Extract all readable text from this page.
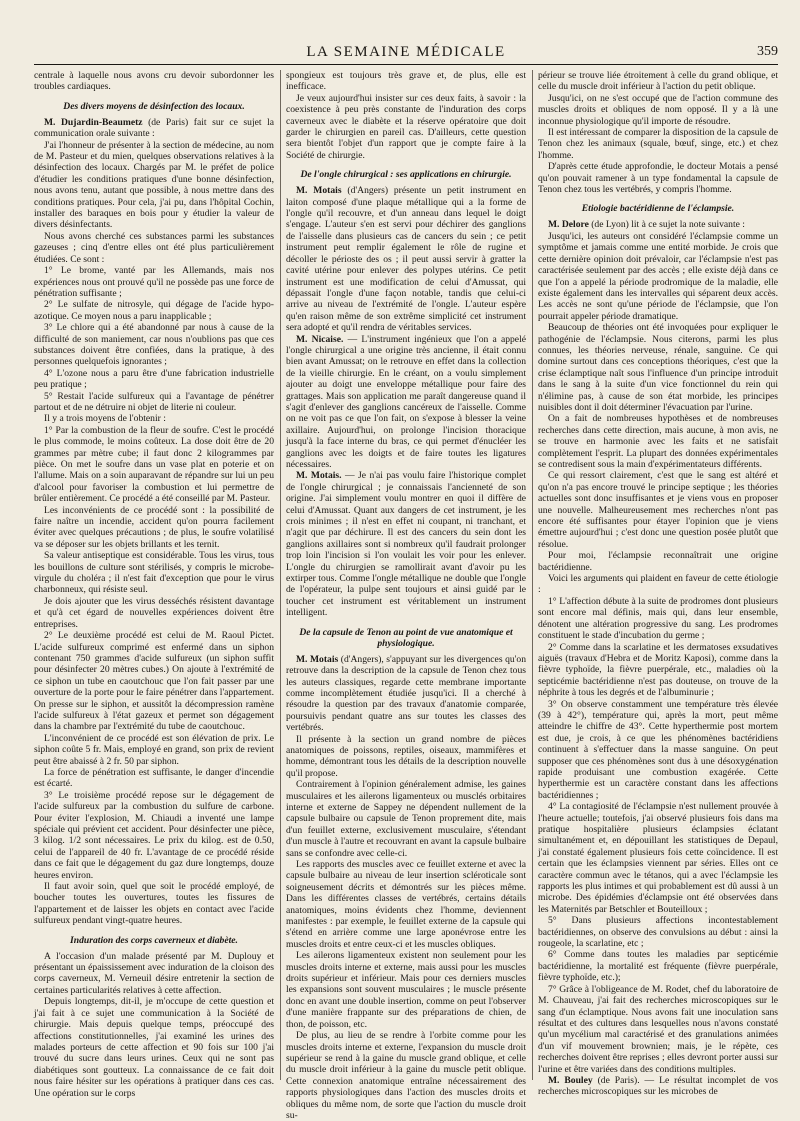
LA SEMAINE MÉDICALE	359

centrale à laquelle nous avons cru devoir subordonner les troubles cardiaques.

Des divers moyens de désinfection des locaux.

M. Dujardin-Beaumetz (de Paris) fait sur ce sujet la communication orale suivante :

J'ai l'honneur de présenter à la section de médecine, au nom de M. Pasteur et du mien, quelques observations relatives à la désinfection des locaux. Chargés par M. le préfet de police d'étudier les conditions pratiques d'une bonne désinfection, nous avons tenu, autant que possible, à nous mettre dans des conditions pratiques. Pour cela, j'ai pu, dans l'hôpital Cochin, installer des baraques en bois pour y étudier la valeur de divers désinfectants.

Nous avons cherché ces substances parmi les substances gazeuses ; cinq d'entre elles ont été plus particulièrement étudiées. Ce sont :

1° Le brome, vanté par les Allemands, mais nos expériences nous ont prouvé qu'il ne possède pas une force de pénétration suffisante ;

2° Le sulfate de nitrosyle, qui dégage de l'acide hypo-azotique. Ce moyen nous a paru inapplicable ;

3° Le chlore qui a été abandonné par nous à cause de la difficulté de son maniement, car nous n'oublions pas que ces substances doivent être confiées, dans la pratique, à des personnes quelquefois ignorantes ;

4° L'ozone nous a paru être d'une fabrication industrielle peu pratique ;

5° Restait l'acide sulfureux qui a l'avantage de pénétrer partout et de ne détruire ni objet de literie ni couleur.

Il y a trois moyens de l'obtenir :

1° Par la combustion de la fleur de soufre. C'est le procédé le plus commode, le moins coûteux. La dose doit être de 20 grammes par mètre cube; il faut donc 2 kilogrammes par pièce. On met le soufre dans un vase plat en poterie et on l'allume. Mais on a soin auparavant de répandre sur lui un peu d'alcool pour favoriser la combustion et lui permettre de brûler entièrement. Ce procédé a été conseillé par M. Pasteur.

Les inconvénients de ce procédé sont : la possibilité de faire naître un incendie, accident qu'on pourra facilement éviter avec quelques précautions ; de plus, le soufre volatilisé va se déposer sur les objets brillants et les ternit.

Sa valeur antiseptique est considérable. Tous les virus, tous les bouillons de culture sont stérilisés, y compris le microbe-virgule du choléra ; il n'est fait d'exception que pour le virus charbonneux, qui résiste seul.

Je dois ajouter que les virus desséchés résistent davantage et qu'à cet égard de nouvelles expériences doivent être entreprises.

2° Le deuxième procédé est celui de M. Raoul Pictet. L'acide sulfureux comprimé est enfermé dans un siphon contenant 750 grammes d'acide sulfureux (un siphon suffit pour désinfecter 20 mètres cubes.) On ajoute à l'extrémité de ce siphon un tube en caoutchouc que l'on fait passer par une ouverture de la porte pour le faire pénétrer dans l'appartement. On presse sur le siphon, et aussitôt la décompression ramène l'acide sulfureux à l'état gazeux et permet son dégagement dans la chambre par l'extrémité du tube de caoutchouc.

L'inconvénient de ce procédé est son élévation de prix. Le siphon coûte 5 fr. Mais, employé en grand, son prix de revient peut être abaissé à 2 fr. 50 par siphon.

La force de pénétration est suffisante, le danger d'incendie est écarté.

3° Le troisième procédé repose sur le dégagement de l'acide sulfureux par la combustion du sulfure de carbone. Pour éviter l'explosion, M. Chiaudi a inventé une lampe spéciale qui prévient cet accident. Pour désinfecter une pièce, 3 kilog. 1/2 sont nécessaires. Le prix du kilog. est de 0.50, celui de l'appareil de 40 fr. L'avantage de ce procédé réside dans ce fait que le dégagement du gaz dure longtemps, douze heures environ.

Il faut avoir soin, quel que soit le procédé employé, de boucher toutes les ouvertures, toutes les fissures de l'appartement et de laisser les objets en contact avec l'acide sulfureux pendant vingt-quatre heures.

Induration des corps caverneux et diabète.

A l'occasion d'un malade présenté par M. Duplouy et présentant un épaississement avec induration de la cloison des corps caverneux, M. Verneuil désire entretenir la section de certaines particularités relatives à cette affection.

Depuis longtemps, dit-il, je m'occupe de cette question et j'ai fait à ce sujet une communication à la Société de chirurgie. Mais depuis quelque temps, préoccupé des affections constitutionnelles, j'ai examiné les urines des malades porteurs de cette affection et 90 fois sur 100 j'ai trouvé du sucre dans leurs urines. Ceux qui ne sont pas diabétiques sont goutteux. La connaissance de ce fait doit nous faire hésiter sur les opérations à pratiquer dans ces cas. Une opération sur le corps

spongieux est toujours très grave et, de plus, elle est inefficace.

Je veux aujourd'hui insister sur ces deux faits, à savoir : la coexistence à peu près constante de l'induration des corps caverneux avec le diabète et la réserve opératoire que doit garder le chirurgien en pareil cas. D'ailleurs, cette question sera bientôt l'objet d'un rapport que je compte faire à la Société de chirurgie.

De l'ongle chirurgical : ses applications en chirurgie.

M. Motais (d'Angers) présente un petit instrument en laiton composé d'une plaque métallique qui a la forme de l'ongle qu'il recouvre, et d'un anneau dans lequel le doigt s'engage. L'auteur s'en est servi pour déchirer des ganglions de l'aisselle dans plusieurs cas de cancers du sein ; ce petit instrument peut remplir également le rôle de rugine et décoller le périoste des os ; il peut aussi servir à gratter la cavité utérine pour enlever des polypes utérins. Ce petit instrument est une modification de celui d'Amussat, qui dépassait l'ongle d'une façon notable, tandis que celui-ci arrive au niveau de l'extrémité de l'ongle. L'auteur espère qu'en raison même de son extrême simplicité cet instrument sera adopté et qu'il rendra de véritables services.

M. Nicaise. — L'instrument ingénieux que l'on a appelé l'ongle chirurgical a une origine très ancienne, il était connu bien avant Amussat; on le retrouve en effet dans la collection de la vieille chirurgie. En le créant, on a voulu simplement ajouter au doigt une enveloppe métallique pour faire des grattages. Mais son application me paraît dangereuse quand il s'agit d'enlever des ganglions cancéreux de l'aisselle. Comme on ne voit pas ce que l'on fait, on s'expose à blesser la veine axillaire. Aujourd'hui, on prolonge l'incision thoracique jusqu'à la face interne du bras, ce qui permet d'énucléer les ganglions avec les doigts et de faire toutes les ligatures nécessaires.

M. Motais. — Je n'ai pas voulu faire l'historique complet de l'ongle chirurgical ; je connaissais l'ancienneté de son origine. J'ai simplement voulu montrer en quoi il diffère de celui d'Amussat. Quant aux dangers de cet instrument, je les crois minimes ; il n'est en effet ni coupant, ni tranchant, et n'agit que par déchirure. Il est des cancers du sein dont les ganglions axillaires sont si nombreux qu'il faudrait prolonger trop loin l'incision si l'on voulait les voir pour les enlever. L'ongle du chirurgien se ramollirait avant d'avoir pu les extirper tous. Comme l'ongle métallique ne double que l'ongle de l'opérateur, la pulpe sent toujours et ainsi guidé par le toucher cet instrument est véritablement un instrument intelligent.

De la capsule de Tenon au point de vue anatomique et physiologique.

M. Motais (d'Angers), s'appuyant sur les divergences qu'on retrouve dans la description de la capsule de Tenon chez tous les auteurs classiques, regarde cette membrane importante comme incomplètement étudiée jusqu'ici. Il a cherché à résoudre la question par des travaux d'anatomie comparée, poursuivis pendant quatre ans sur toutes les classes des vertébrés.

Il présente à la section un grand nombre de pièces anatomiques de poissons, reptiles, oiseaux, mammifères et homme, démontrant tous les détails de la description nouvelle qu'il propose.

Contrairement à l'opinion généralement admise, les gaines musculaires et les ailerons ligamenteux ou musclés orbitaires interne et externe de Sappey ne dépendent nullement de la capsule bulbaire ou capsule de Tenon proprement dite, mais d'un feuillet externe, exclusivement musculaire, s'étendant d'un muscle à l'autre et recouvrant en avant la capsule bulbaire sans se confondre avec celle-ci.

Les rapports des muscles avec ce feuillet externe et avec la capsule bulbaire au niveau de leur insertion scléroticale sont soigneusement décrits et démontrés sur les pièces même. Dans les différentes classes de vertébrés, certains détails anatomiques, moins évidents chez l'homme, deviennent manifestes : par exemple, le feuillet externe de la capsule qui s'étend en arrière comme une large aponévrose entre les muscles droits et entre ceux-ci et les muscles obliques.

Les ailerons ligamenteux existent non seulement pour les muscles droits interne et externe, mais aussi pour les muscles droits supérieur et inférieur. Mais pour ces derniers muscles les expansions sont souvent musculaires ; le muscle présente donc en avant une double insertion, comme on peut l'observer d'une manière frappante sur des préparations de chien, de thon, de poisson, etc.

De plus, au lieu de se rendre à l'orbite comme pour les muscles droits interne et externe, l'expansion du muscle droit supérieur se rend à la gaine du muscle grand oblique, et celle du muscle droit inférieur à la gaine du muscle petit oblique. Cette connexion anatomique entraîne nécessairement des rapports physiologiques dans l'action des muscles droits et obliques du même nom, de sorte que l'action du muscle droit su-

périeur se trouve liée étroitement à celle du grand oblique, et celle du muscle droit inférieur à l'action du petit oblique.

Jusqu'ici, on ne s'est occupé que de l'action commune des muscles droits et obliques de nom opposé. Il y a là une inconnue physiologique qu'il importe de résoudre.

Il est intéressant de comparer la disposition de la capsule de Tenon chez les animaux (squale, bœuf, singe, etc.) et chez l'homme.

D'après cette étude approfondie, le docteur Motais a pensé qu'on pouvait ramener à un type fondamental la capsule de Tenon chez tous les vertébrés, y compris l'homme.

Etiologie bactéridienne de l'éclampsie.

M. Delore (de Lyon) lit à ce sujet la note suivante :

Jusqu'ici, les auteurs ont considéré l'éclampsie comme un symptôme et jamais comme une entité morbide. Je crois que cette dernière opinion doit prévaloir, car l'éclampsie n'est pas caractérisée seulement par des accès ; elle existe déjà dans ce que l'on a appelé la période prodromique de la maladie, elle existe également dans les intervalles qui séparent deux accès. Les accès ne sont qu'une période de l'éclampsie, que l'on pourrait appeler période dramatique.

Beaucoup de théories ont été invoquées pour expliquer le pathogénie de l'éclampsie. Nous citerons, parmi les plus connues, les théories nerveuse, rénale, sanguine. Ce qui domine surtout dans ces conceptions théoriques, c'est que la crise éclamptique naît sous l'influence d'un principe introduit dans le sang à la suite d'un vice fonctionnel du rein qui n'élimine pas, à cause de son état morbide, les principes nuisibles dont il doit déterminer l'évacuation par l'urine.

On a fait de nombreuses hypothèses et de nombreuses recherches dans cette direction, mais aucune, à mon avis, ne se trouve en harmonie avec les faits et ne satisfait complètement l'esprit. La plupart des données expérimentales se contredisent sous la main d'expérimentateurs différents.

Ce qui ressort clairement, c'est que le sang est altéré et qu'on n'a pas encore trouvé le principe septique ; les théories actuelles sont donc insuffisantes et je viens vous en proposer une nouvelle. Malheureusement mes recherches n'ont pas encore été suffisantes pour étayer l'opinion que je viens émettre aujourd'hui ; c'est donc une question posée plutôt que résolue.

Pour moi, l'éclampsie reconnaîtrait une origine bactéridienne.

Voici les arguments qui plaident en faveur de cette étiologie :

1° L'affection débute à la suite de prodromes dont plusieurs sont encore mal définis, mais qui, dans leur ensemble, dénotent une altération progressive du sang. Les prodromes constituent le stade d'incubation du germe ;

2° Comme dans la scarlatine et les dermatoses exsudatives aiguës (travaux d'Hebra et de Moritz Kaposi), comme dans la fièvre typhoïde, la fièvre puerpérale, etc., maladies où la septicémie bactéridienne n'est pas douteuse, on trouve de la néphrite à tous les degrés et de l'albuminurie ;

3° On observe constamment une température très élevée (39 à 42°), température qui, après la mort, peut même atteindre le chiffre de 43°. Cette hyperthermie post mortem est due, je crois, à ce que les phénomènes bactéridiens continuent à s'effectuer dans la masse sanguine. On peut supposer que ces phénomènes sont dus à une désoxygénation rapide produisant une combustion exagérée. Cette hyperthermie est un caractère constant dans les affections bactéridiennes ;

4° La contagiosité de l'éclampsie n'est nullement prouvée à l'heure actuelle; toutefois, j'ai observé plusieurs fois dans ma pratique hospitalière plusieurs éclampsies éclatant simultanément et, en dépouillant les statistiques de Depaul, j'ai constaté également plusieurs fois cette coïncidence. Il est certain que les éclampsies viennent par séries. Elles ont ce caractère commun avec le tétanos, qui a avec l'éclampsie les rapports les plus intimes et qui probablement est dû aussi à un microbe. Des épidémies d'éclampsie ont été observées dans les Maternités par Betschler et Bouteilloux ;

5° Dans plusieurs affections incontestablement bactéridiennes, on observe des convulsions au début : ainsi la rougeole, la scarlatine, etc ;

6° Comme dans toutes les maladies par septicémie bactéridienne, la mortalité est fréquente (fièvre puerpérale, fièvre typhoïde, etc.);

7° Grâce à l'obligeance de M. Rodet, chef du laboratoire de M. Chauveau, j'ai fait des recherches microscopiques sur le sang d'un éclamptique. Nous avons fait une inoculation sans résultat et des cultures dans lesquelles nous n'avons constaté qu'un mycélium mal caractérisé et des granulations animées d'un vif mouvement brownien; mais, je le répète, ces recherches doivent être reprises ; elles devront porter aussi sur l'urine et être variées dans des conditions multiples.

M. Bouley (de Paris). — Le résultat incomplet de vos recherches microscopiques sur les microbes de
